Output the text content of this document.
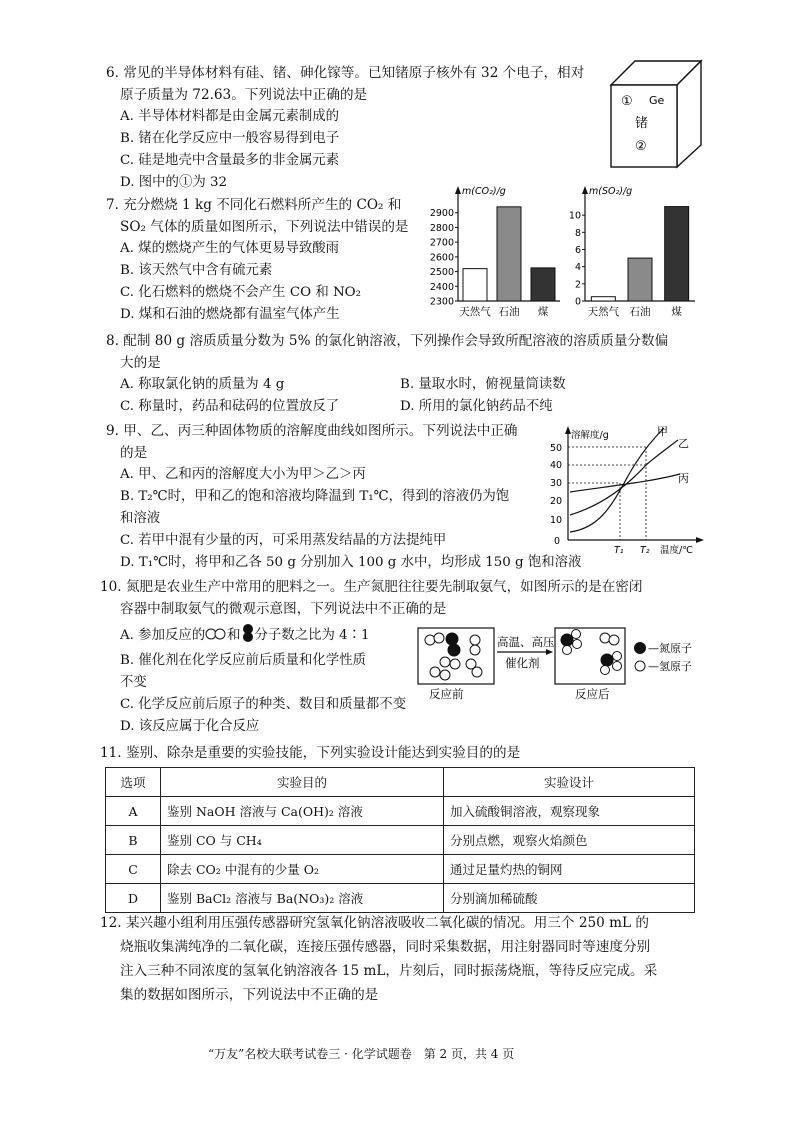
6. 常见的半导体材料有硅、锗、砷化镓等。已知锗原子核外有 32 个电子，相对
原子质量为 72.63。下列说法中正确的是
A. 半导体材料都是由金属元素制成的
B. 锗在化学反应中一般容易得到电子
C. 硅是地壳中含量最多的非金属元素
D. 图中的①为 32
① Ge
锗
②
7. 充分燃烧 1 kg 不同化石燃料所产生的 CO₂ 和
SO₂ 气体的质量如图所示，下列说法中错误的是
A. 煤的燃烧产生的气体更易导致酸雨
B. 该天然气中含有硫元素
C. 化石燃料的燃烧不会产生 CO 和 NO₂
D. 煤和石油的燃烧都有温室气体产生
m(CO₂)/g
2300
2400
2500
2600
2700
2800
2900
天然气 石油 煤
m(SO₂)/g
0
2
4
6
8
10
天然气 石油 煤
8. 配制 80 g 溶质质量分数为 5% 的氯化钠溶液，下列操作会导致所配溶液的溶质质量分数偏
大的是
A. 称取氯化钠的质量为 4 g	B. 量取水时，俯视量筒读数
C. 称量时，药品和砝码的位置放反了	D. 所用的氯化钠药品不纯
9. 甲、乙、丙三种固体物质的溶解度曲线如图所示。下列说法中正确
的是
A. 甲、乙和丙的溶解度大小为甲＞乙＞丙
B. T₂℃时，甲和乙的饱和溶液均降温到 T₁℃，得到的溶液仍为饱
和溶液
C. 若甲中混有少量的丙，可采用蒸发结晶的方法提纯甲
D. T₁℃时，将甲和乙各 50 g 分别加入 100 g 水中，均形成 150 g 饱和溶液
溶解度/g
0
10
20
30
40
50
甲
乙
丙
T₁ T₂ 温度/℃
10. 氮肥是农业生产中常用的肥料之一。生产氮肥往往要先制取氨气，如图所示的是在密闭
容器中制取氨气的微观示意图，下列说法中不正确的是
A. 参加反应的 和 分子数之比为 4∶1
B. 催化剂在化学反应前后质量和化学性质
不变
C. 化学反应前后原子的种类、数目和质量都不变
D. 该反应属于化合反应
反应前
高温、高压
催化剂
反应后
—氮原子
—氢原子
11. 鉴别、除杂是重要的实验技能，下列实验设计能达到实验目的的是
选项	实验目的	实验设计
A	鉴别 NaOH 溶液与 Ca(OH)₂ 溶液	加入硫酸铜溶液，观察现象
B	鉴别 CO 与 CH₄	分别点燃，观察火焰颜色
C	除去 CO₂ 中混有的少量 O₂	通过足量灼热的铜网
D	鉴别 BaCl₂ 溶液与 Ba(NO₃)₂ 溶液	分别滴加稀硫酸
12. 某兴趣小组利用压强传感器研究氢氧化钠溶液吸收二氧化碳的情况。用三个 250 mL 的
烧瓶收集满纯净的二氧化碳，连接压强传感器，同时采集数据，用注射器同时等速度分别
注入三种不同浓度的氢氧化钠溶液各 15 mL，片刻后，同时振荡烧瓶，等待反应完成。采
集的数据如图所示，下列说法中不正确的是
“万友”名校大联考试卷三 · 化学试题卷　第 2 页，共 4 页
